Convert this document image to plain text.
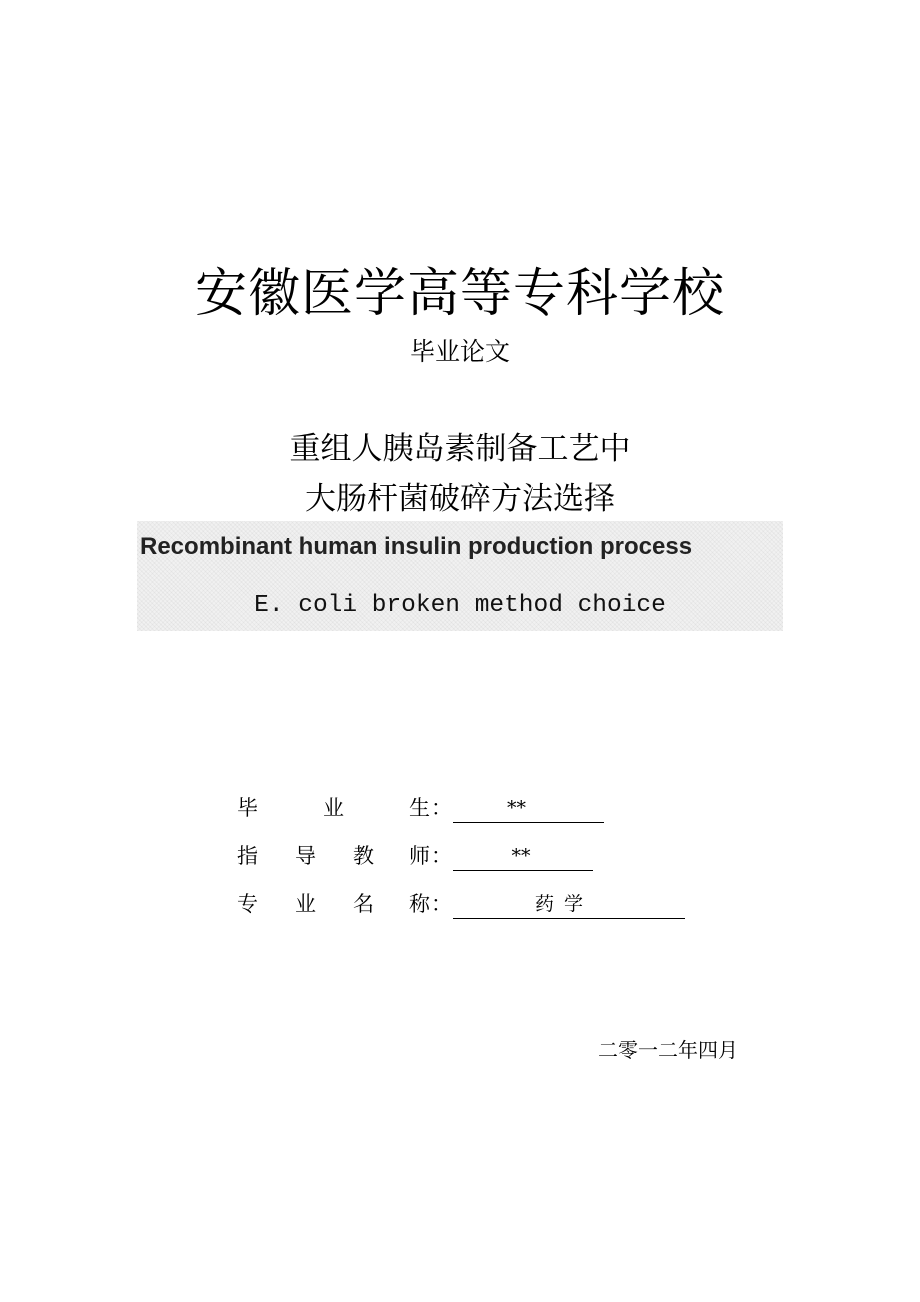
安徽医学高等专科学校
毕业论文
重组人胰岛素制备工艺中
大肠杆菌破碎方法选择
Recombinant human insulin production process
E. coli broken method choice
毕	业	生 ：	**
指 导 教 师 ：	**
专 业 名 称 ：	药学
二零一二年四月
